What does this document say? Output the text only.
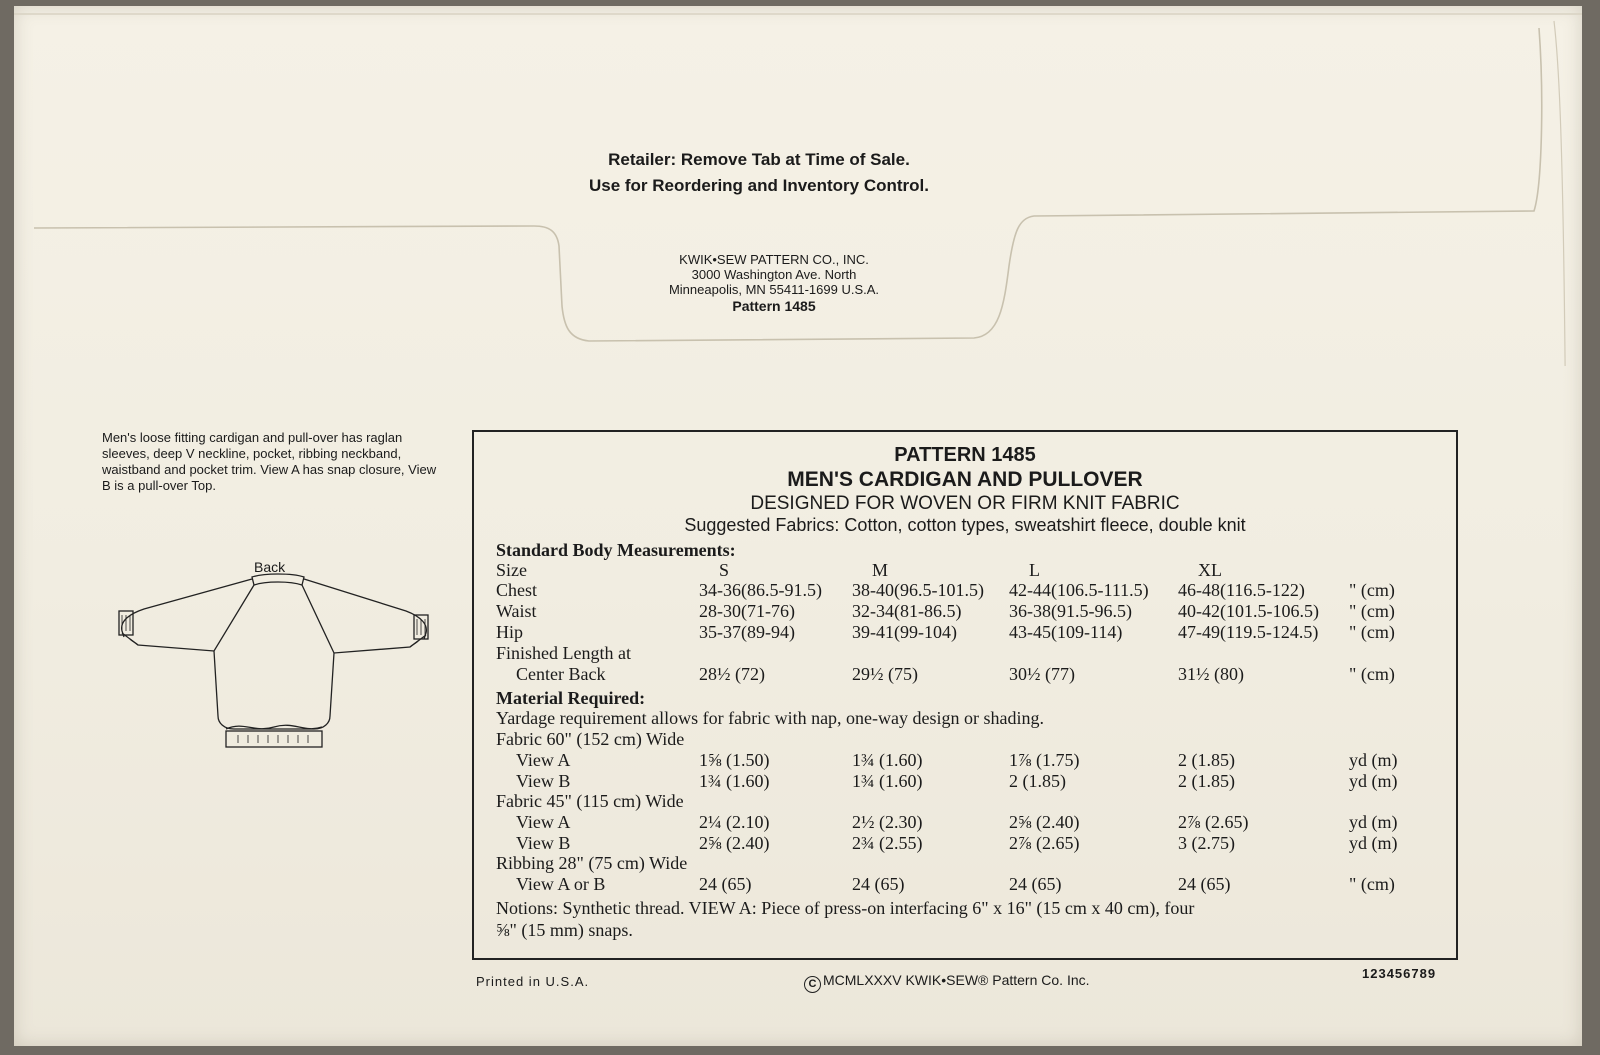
Retailer: Remove Tab at Time of Sale.
Use for Reordering and Inventory Control.
KWIK•SEW PATTERN CO., INC.
3000 Washington Ave. North
Minneapolis, MN 55411-1699 U.S.A.
Pattern 1485
Men's loose fitting cardigan and pull-over has raglan sleeves, deep V neckline, pocket, ribbing neckband, waistband and pocket trim. View A has snap closure, View B is a pull-over Top.
Back
PATTERN 1485
MEN'S CARDIGAN AND PULLOVER
DESIGNED FOR WOVEN OR FIRM KNIT FABRIC
Suggested Fabrics: Cotton, cotton types, sweatshirt fleece, double knit
Standard Body Measurements:
Size	S	M	L	XL
Chest	34-36(86.5-91.5) 38-40(96.5-101.5) 42-44(106.5-111.5) 46-48(116.5-122) " (cm)
Waist	28-30(71-76)	32-34(81-86.5)	36-38(91.5-96.5)	40-42(101.5-106.5) " (cm)
Hip	35-37(89-94)	39-41(99-104)	43-45(109-114)	47-49(119.5-124.5) " (cm)
Finished Length at
Center Back	28½ (72)	29½ (75)	30½ (77)	31½ (80)	" (cm)
Material Required:
Yardage requirement allows for fabric with nap, one-way design or shading.
Fabric 60" (152 cm) Wide
View A	1⅝ (1.50)	1¾ (1.60)	1⅞ (1.75)	2 (1.85)	yd (m)
View B	1¾ (1.60)	1¾ (1.60)	2 (1.85)	2 (1.85)	yd (m)
Fabric 45" (115 cm) Wide
View A	2¼ (2.10)	2½ (2.30)	2⅝ (2.40)	2⅞ (2.65)	yd (m)
View B	2⅝ (2.40)	2¾ (2.55)	2⅞ (2.65)	3 (2.75)	yd (m)
Ribbing 28" (75 cm) Wide
View A or B	24 (65)	24 (65)	24 (65)	24 (65)	" (cm)
Notions: Synthetic thread. VIEW A: Piece of press-on interfacing 6" x 16" (15 cm x 40 cm), four
⅝" (15 mm) snaps.
Printed in U.S.A.	C MCMLXXXV KWIK•SEW® Pattern Co. Inc.	123456789
